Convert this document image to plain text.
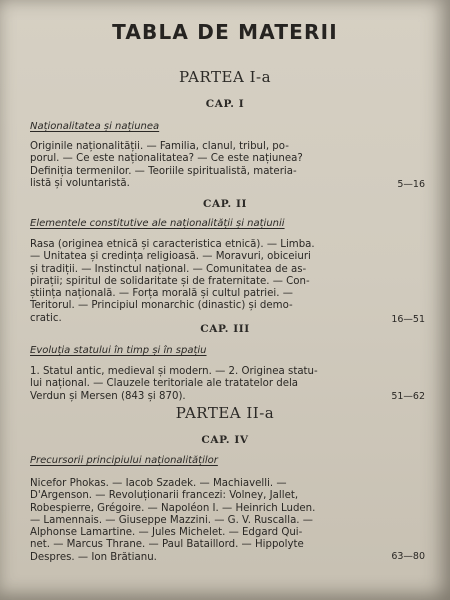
TABLA DE MATERII
PARTEA I-a
CAP. I
Naționalitatea și națiunea
Originile naționalității. — Familia, clanul, tribul, po-
porul. — Ce este naționalitatea? — Ce este națiunea?
Definiția termenilor. — Teoriile spiritualistă, materia-
listă și voluntaristă.	5—16
CAP. II
Elementele constitutive ale naționalității și națiunii
Rasa (originea etnică și caracteristica etnică). — Limba.
— Unitatea și credința religioasă. — Moravuri, obiceiuri
și tradiții. — Instinctul național. — Comunitatea de as-
pirații; spiritul de solidaritate și de fraternitate. — Con-
știința națională. — Forța morală și cultul patriei. —
Teritorul. — Principiul monarchic (dinastic) și demo-
cratic.	16—51
CAP. III
Evoluția statului în timp și în spațiu
1. Statul antic, medieval și modern. — 2. Originea statu-
lui național. — Clauzele teritoriale ale tratatelor dela
Verdun și Mersen (843 și 870).	51—62
PARTEA II-a
CAP. IV
Precursorii principiului naționalităților
Nicefor Phokas. — Iacob Szadek. — Machiavelli. —
D'Argenson. — Revoluționarii francezi: Volney, Jallet,
Robespierre, Grégoire. — Napoléon I. — Heinrich Luden.
— Lamennais. — Giuseppe Mazzini. — G. V. Ruscalla. —
Alphonse Lamartine. — Jules Michelet. — Edgard Qui-
net. — Marcus Thrane. — Paul Bataillord. — Hippolyte
Despres. — Ion Brătianu.	63—80
